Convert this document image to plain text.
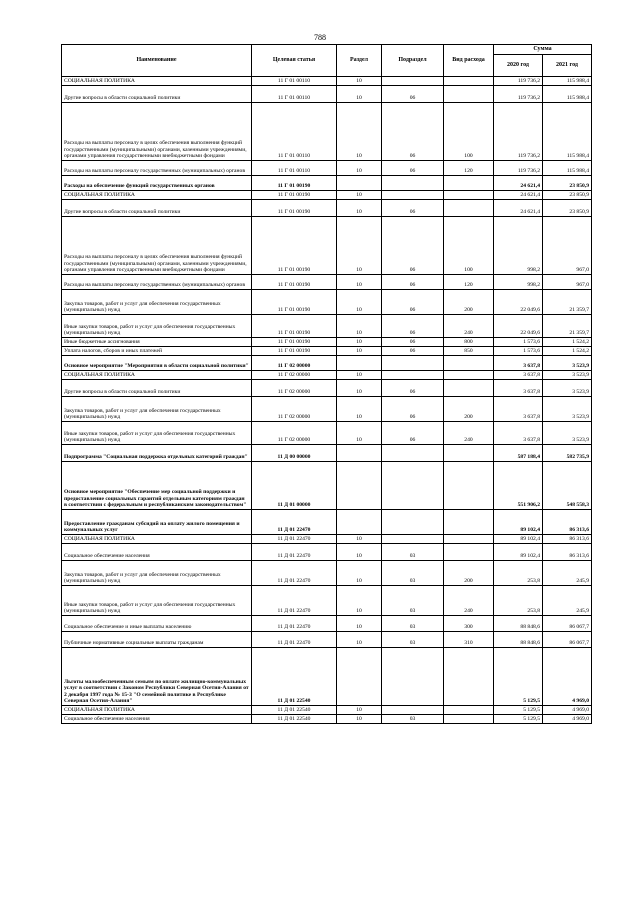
788
Наименование	Целевая статья	Раздел	Подраздел	Вид расхода	Сумма	
					2020 год	2021 год
СОЦИАЛЬНАЯ ПОЛИТИКА	11 Г 01 00110	10			119 736,2	115 988,4
Другие вопросы в области социальной политики	11 Г 01 00110	10	06		119 736,2	115 988,4
Расходы на выплаты персоналу в целях обеспечения выполнения функций государственными (муниципальными) органами, казенными учреждениями, органами управления государственными внебюджетными фондами	11 Г 01 00110	10	06	100	119 736,2	115 988,4
Расходы на выплаты персоналу государственных (муниципальных) органов	11 Г 01 00110	10	06	120	119 736,2	115 988,4
Расходы на обеспечение функций государственных органов	11 Г 01 00190				24 621,4	23 850,9
СОЦИАЛЬНАЯ ПОЛИТИКА	11 Г 01 00190	10			24 621,4	23 850,9
Другие вопросы в области социальной политики	11 Г 01 00190	10	06		24 621,4	23 850,9
Расходы на выплаты персоналу в целях обеспечения выполнения функций государственными (муниципальными) органами, казенными учреждениями, органами управления государственными внебюджетными фондами	11 Г 01 00190	10	06	100	998,2	967,0
Расходы на выплаты персоналу государственных (муниципальных) органов	11 Г 01 00190	10	06	120	998,2	967,0
Закупка товаров, работ и услуг для обеспечения государственных (муниципальных) нужд	11 Г 01 00190	10	06	200	22 049,6	21 359,7
Иные закупки товаров, работ и услуг для обеспечения государственных (муниципальных) нужд	11 Г 01 00190	10	06	240	22 049,6	21 359,7
Иные бюджетные ассигнования	11 Г 01 00190	10	06	800	1 573,6	1 524,2
Уплата налогов, сборов и иных платежей	11 Г 01 00190	10	06	850	1 573,6	1 524,2
Основное мероприятие "Мероприятия в области социальной политики"	11 Г 02 00000				3 637,8	3 523,9
СОЦИАЛЬНАЯ ПОЛИТИКА	11 Г 02 00000	10			3 637,8	3 523,9
Другие вопросы в области социальной политики	11 Г 02 00000	10	06		3 637,8	3 523,9
Закупка товаров, работ и услуг для обеспечения государственных (муниципальных) нужд	11 Г 02 00000	10	06	200	3 637,8	3 523,9
Иные закупки товаров, работ и услуг для обеспечения государственных (муниципальных) нужд	11 Г 02 00000	10	06	240	3 637,8	3 523,9
Подпрограмма "Социальная поддержка отдельных категорий граждан"	11 Д 00 00000				587 188,4	582 735,9
Основное мероприятие "Обеспечение мер социальной поддержки и предоставление социальных гарантий отдельным категориям граждан в соответствии с федеральным и республиканским законодательством"	11 Д 01 00000				551 906,2	548 558,3
Предоставление гражданам субсидий на оплату жилого помещения и коммунальных услуг	11 Д 01 22470				89 102,4	86 313,6
СОЦИАЛЬНАЯ ПОЛИТИКА	11 Д 01 22470	10			89 102,4	86 313,6
Социальное обеспечение населения	11 Д 01 22470	10	03		89 102,4	86 313,6
Закупка товаров, работ и услуг для обеспечения государственных (муниципальных) нужд	11 Д 01 22470	10	03	200	253,8	245,9
Иные закупки товаров, работ и услуг для обеспечения государственных (муниципальных) нужд	11 Д 01 22470	10	03	240	253,8	245,9
Социальное обеспечение и иные выплаты населению	11 Д 01 22470	10	03	300	88 848,6	86 067,7
Публичные нормативные социальные выплаты гражданам	11 Д 01 22470	10	03	310	88 848,6	86 067,7
Льготы малообеспеченным семьям по оплате жилищно-коммунальных услуг в соответствии с Законом Республики Северная Осетия-Алания от 2 декабря 1997 года № 15-З "О семейной политике в Республике Северная Осетия-Алания"	11 Д 01 22540				5 129,5	4 969,0
СОЦИАЛЬНАЯ ПОЛИТИКА	11 Д 01 22540	10			5 129,5	4 969,0
Социальное обеспечение населения	11 Д 01 22540	10	03		5 129,5	4 969,0
